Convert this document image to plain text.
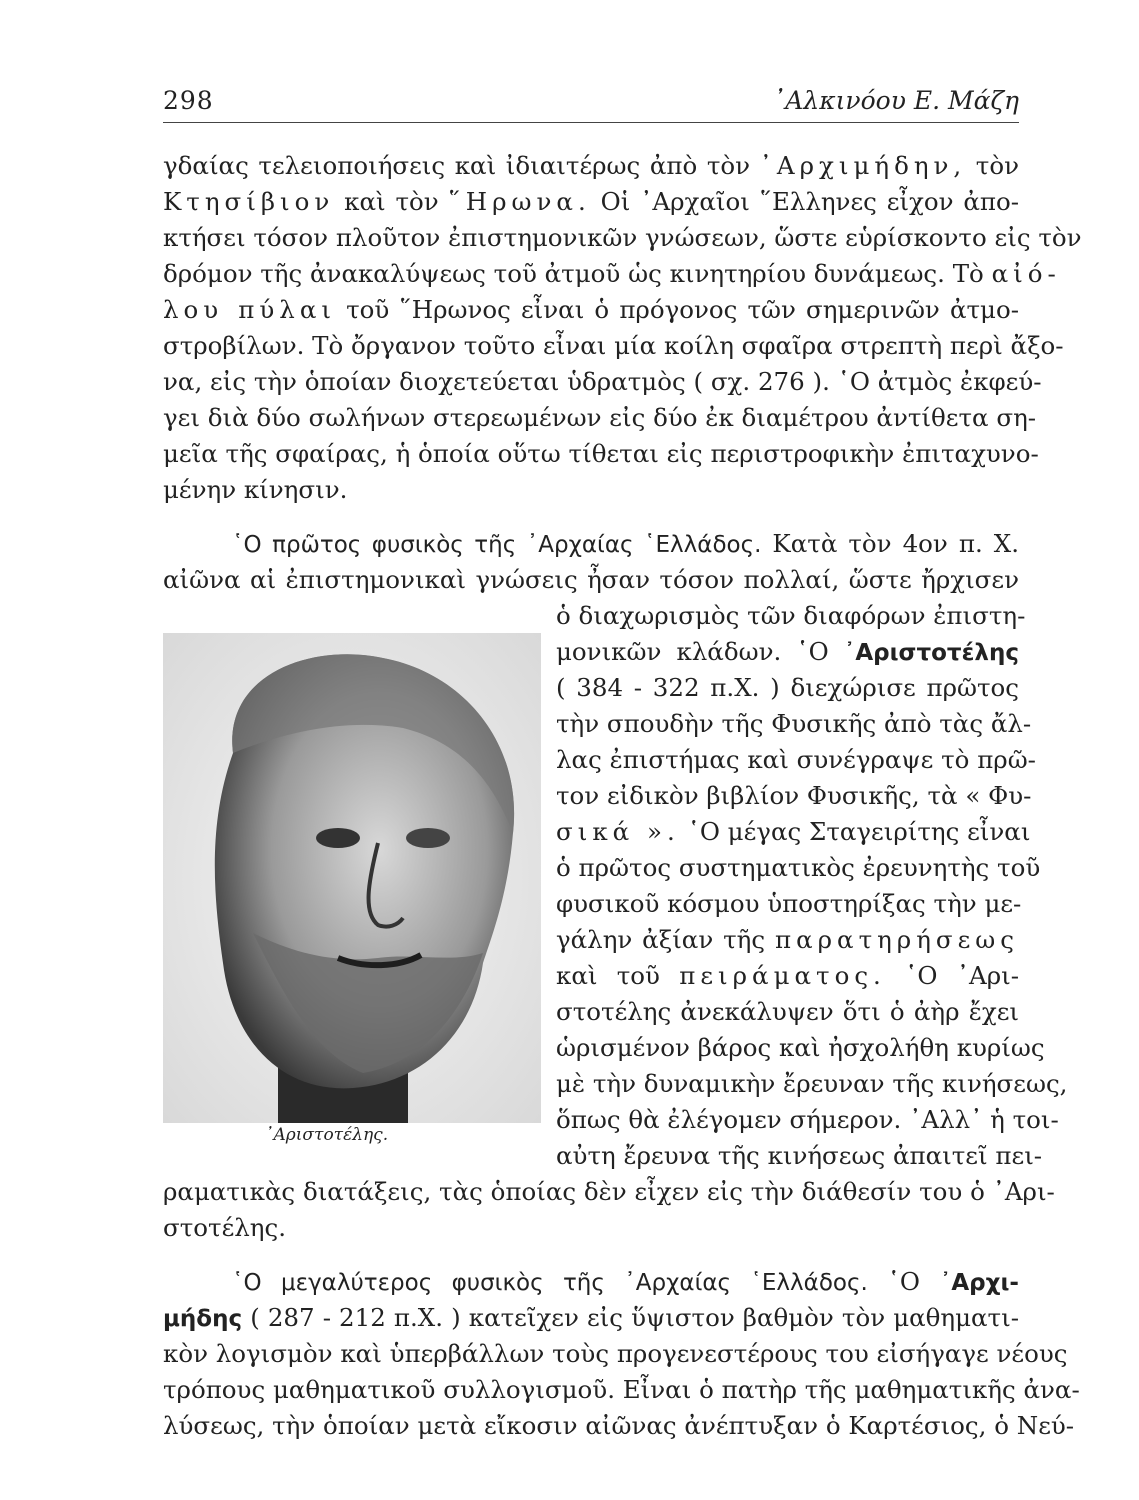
298	᾿Αλκινόου Ε. Μάζη
γδαίας τελειοποιήσεις καὶ ἰδιαιτέρως ἀπὸ τὸν ᾿Αρχιμήδην, τὸν
Κτησίβιον καὶ τὸν ῞Ηρωνα. Οἱ ᾿Αρχαῖοι ῞Ελληνες εἶχον ἀπο-
κτήσει τόσον πλοῦτον ἐπιστημονικῶν γνώσεων, ὥστε εὑρίσκοντο εἰς τὸν
δρόμον τῆς ἀνακαλύψεως τοῦ ἀτμοῦ ὡς κινητηρίου δυνάμεως. Τὸ αἰό-
λου πύλαι τοῦ ῞Ηρωνος εἶναι ὁ πρόγονος τῶν σημερινῶν ἀτμο-
στροβίλων. Τὸ ὄργανον τοῦτο εἶναι μία κοίλη σφαῖρα στρεπτὴ περὶ ἄξο-
να, εἰς τὴν ὁποίαν διοχετεύεται ὑδρατμὸς ( σχ. 276 ). ῾Ο ἀτμὸς ἐκφεύ-
γει διὰ δύο σωλήνων στερεωμένων εἰς δύο ἐκ διαμέτρου ἀντίθετα ση-
μεῖα τῆς σφαίρας, ἡ ὁποία οὕτω τίθεται εἰς περιστροφικὴν ἐπιταχυνο-
μένην κίνησιν.
῾Ο πρῶτος φυσικὸς τῆς ᾿Αρχαίας ῾Ελλάδος. Κατὰ τὸν 4ον π. Χ.
αἰῶνα αἱ ἐπιστημονικαὶ γνώσεις ἦσαν τόσον πολλαί, ὥστε ἤρχισεν
ὁ διαχωρισμὸς τῶν διαφόρων ἐπιστη-
μονικῶν κλάδων. ῾Ο ᾿Αριστοτέλης
( 384 - 322 π.Χ. ) διεχώρισε πρῶτος
τὴν σπουδὴν τῆς Φυσικῆς ἀπὸ τὰς ἄλ-
λας ἐπιστήμας καὶ συνέγραψε τὸ πρῶ-
τον εἰδικὸν βιβλίον Φυσικῆς, τὰ « Φυ-
σικά ». ῾Ο μέγας Σταγειρίτης εἶναι
ὁ πρῶτος συστηματικὸς ἐρευνητὴς τοῦ
φυσικοῦ κόσμου ὑποστηρίξας τὴν με-
γάλην ἀξίαν τῆς παρατηρήσεως
καὶ τοῦ πειράματος. ῾Ο ᾿Αρι-
στοτέλης ἀνεκάλυψεν ὅτι ὁ ἀὴρ ἔχει
ὡρισμένον βάρος καὶ ἠσχολήθη κυρίως
μὲ τὴν δυναμικὴν ἔρευναν τῆς κινήσεως,
ὅπως θὰ ἐλέγομεν σήμερον. ᾿Αλλ᾿ ἡ τοι-
αὐτη ἔρευνα τῆς κινήσεως ἀπαιτεῖ πει-
ραματικὰς διατάξεις, τὰς ὁποίας δὲν εἶχεν εἰς τὴν διάθεσίν του ὁ ᾿Αρι-
στοτέλης.
᾿Αριστοτέλης.
῾Ο μεγαλύτερος φυσικὸς τῆς ᾿Αρχαίας ῾Ελλάδος. ῾Ο ᾿Αρχι-
μήδης ( 287 - 212 π.Χ. ) κατεῖχεν εἰς ὕψιστον βαθμὸν τὸν μαθηματι-
κὸν λογισμὸν καὶ ὑπερβάλλων τοὺς προγενεστέρους του εἰσήγαγε νέους
τρόπους μαθηματικοῦ συλλογισμοῦ. Εἶναι ὁ πατὴρ τῆς μαθηματικῆς ἀνα-
λύσεως, τὴν ὁποίαν μετὰ εἴκοσιν αἰῶνας ἀνέπτυξαν ὁ Καρτέσιος, ὁ Νεύ-
